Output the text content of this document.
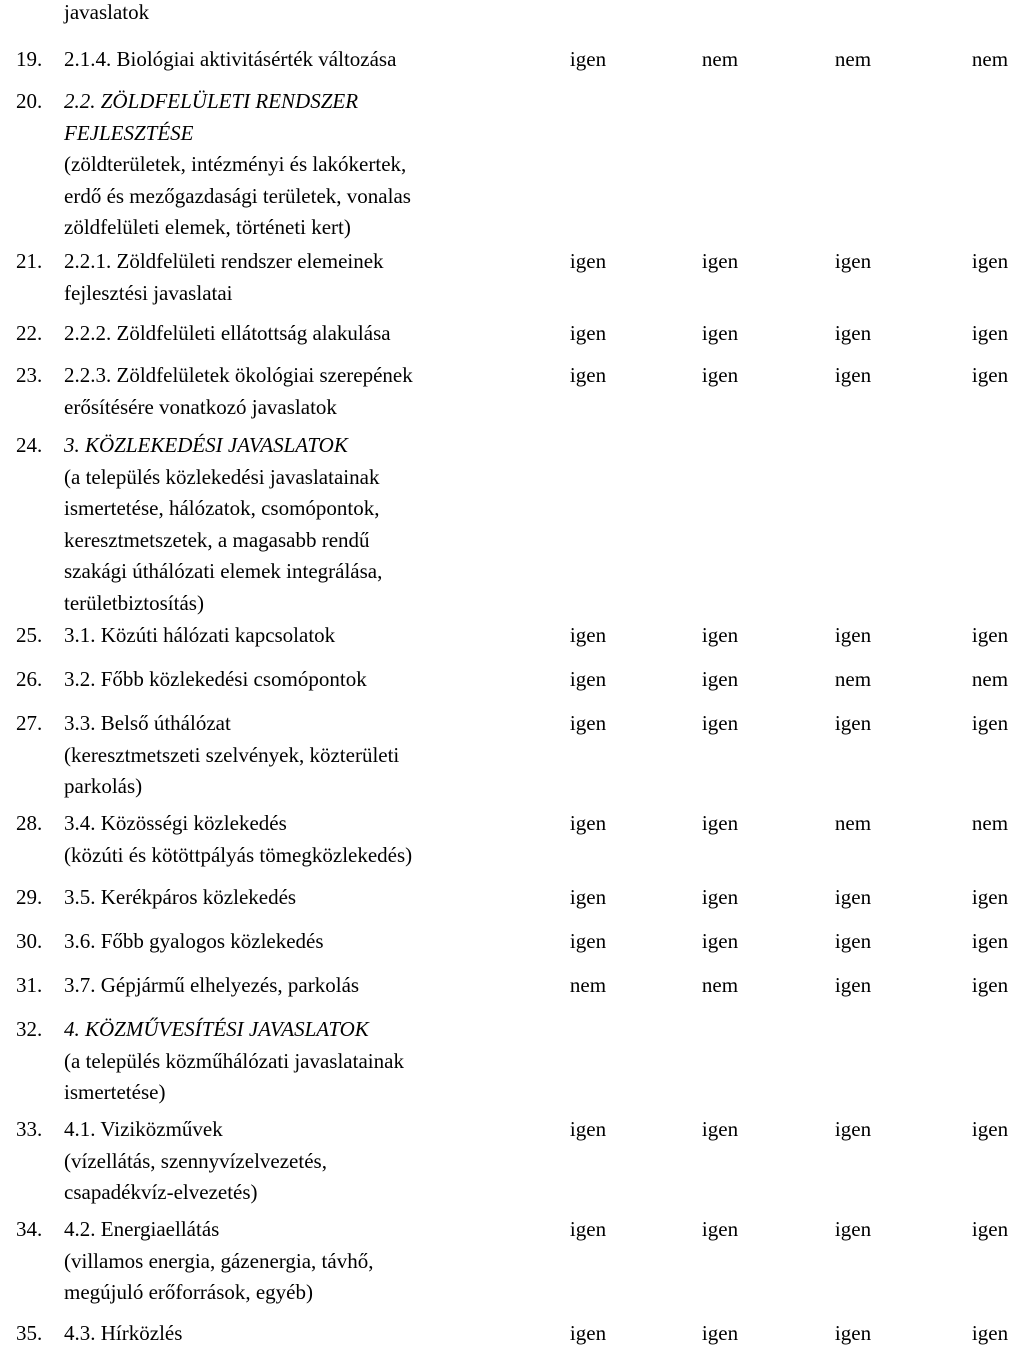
javaslatok
19.	2.1.4. Biológiai aktivitásérték változása	igen	nem	nem	nem
20.	2.2. ZÖLDFELÜLETI RENDSZER
FEJLESZTÉSE
(zöldterületek, intézményi és lakókertek,
erdő és mezőgazdasági területek, vonalas
zöldfelületi elemek, történeti kert)
21.	2.2.1. Zöldfelületi rendszer elemeinek
fejlesztési javaslatai
igen	igen	igen	igen
22.	2.2.2. Zöldfelületi ellátottság alakulása	igen	igen	igen	igen
23.	2.2.3. Zöldfelületek ökológiai szerepének
erősítésére vonatkozó javaslatok
igen	igen	igen	igen
24.	3. KÖZLEKEDÉSI JAVASLATOK
(a település közlekedési javaslatainak
ismertetése, hálózatok, csomópontok,
keresztmetszetek, a magasabb rendű
szakági úthálózati elemek integrálása,
területbiztosítás)
25.	3.1. Közúti hálózati kapcsolatok	igen	igen	igen	igen
26.	3.2. Főbb közlekedési csomópontok	igen	igen	nem	nem
27.	3.3. Belső úthálózat
(keresztmetszeti szelvények, közterületi
parkolás)
igen	igen	igen	igen
28.	3.4. Közösségi közlekedés
(közúti és kötöttpályás tömegközlekedés)
igen	igen	nem	nem
29.	3.5. Kerékpáros közlekedés	igen	igen	igen	igen
30.	3.6. Főbb gyalogos közlekedés	igen	igen	igen	igen
31.	3.7. Gépjármű elhelyezés, parkolás	nem	nem	igen	igen
32.	4. KÖZMŰVESÍTÉSI JAVASLATOK
(a település közműhálózati javaslatainak
ismertetése)
33.	4.1. Viziközművek
(vízellátás, szennyvízelvezetés,
csapadékvíz-elvezetés)
igen	igen	igen	igen
34.	4.2. Energiaellátás
(villamos energia, gázenergia, távhő,
megújuló erőforrások, egyéb)
igen	igen	igen	igen
35.	4.3. Hírközlés	igen	igen	igen	igen
